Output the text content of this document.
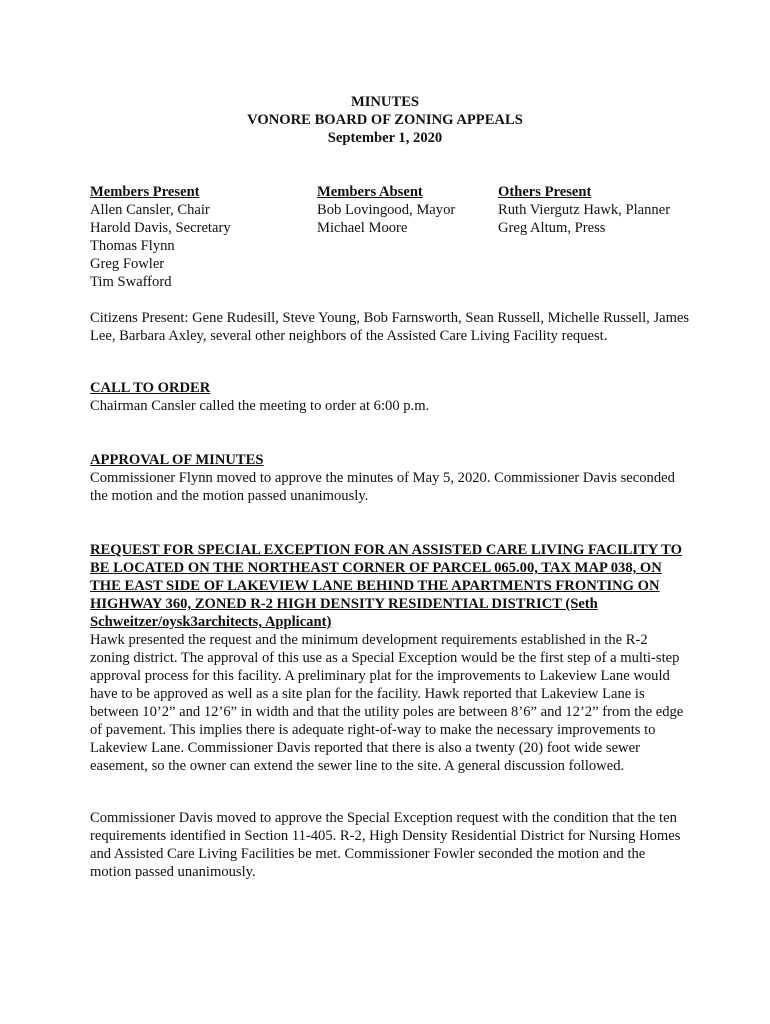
MINUTES
VONORE BOARD OF ZONING APPEALS
September 1, 2020
Members Present
Allen Cansler, Chair
Harold Davis, Secretary
Thomas Flynn
Greg Fowler
Tim Swafford
Members Absent
Bob Lovingood, Mayor
Michael Moore
Others Present
Ruth Viergutz Hawk, Planner
Greg Altum, Press

Citizens Present: Gene Rudesill, Steve Young, Bob Farnsworth, Sean Russell, Michelle Russell, James Lee, Barbara Axley, several other neighbors of the Assisted Care Living Facility request.

CALL TO ORDER

Chairman Cansler called the meeting to order at 6:00 p.m.

APPROVAL OF MINUTES

Commissioner Flynn moved to approve the minutes of May 5, 2020. Commissioner Davis seconded the motion and the motion passed unanimously.

REQUEST FOR SPECIAL EXCEPTION FOR AN ASSISTED CARE LIVING FACILITY TO BE LOCATED ON THE NORTHEAST CORNER OF PARCEL 065.00, TAX MAP 038, ON THE EAST SIDE OF LAKEVIEW LANE BEHIND THE APARTMENTS FRONTING ON HIGHWAY 360, ZONED R-2 HIGH DENSITY RESIDENTIAL DISTRICT (Seth Schweitzer/oysk3architects, Applicant)

Hawk presented the request and the minimum development requirements established in the R-2 zoning district. The approval of this use as a Special Exception would be the first step of a multi-step approval process for this facility. A preliminary plat for the improvements to Lakeview Lane would have to be approved as well as a site plan for the facility. Hawk reported that Lakeview Lane is between 10’2” and 12’6” in width and that the utility poles are between 8’6” and 12’2” from the edge of pavement. This implies there is adequate right-of-way to make the necessary improvements to Lakeview Lane. Commissioner Davis reported that there is also a twenty (20) foot wide sewer easement, so the owner can extend the sewer line to the site. A general discussion followed.

Commissioner Davis moved to approve the Special Exception request with the condition that the ten requirements identified in Section 11-405. R-2, High Density Residential District for Nursing Homes and Assisted Care Living Facilities be met. Commissioner Fowler seconded the motion and the motion passed unanimously.
